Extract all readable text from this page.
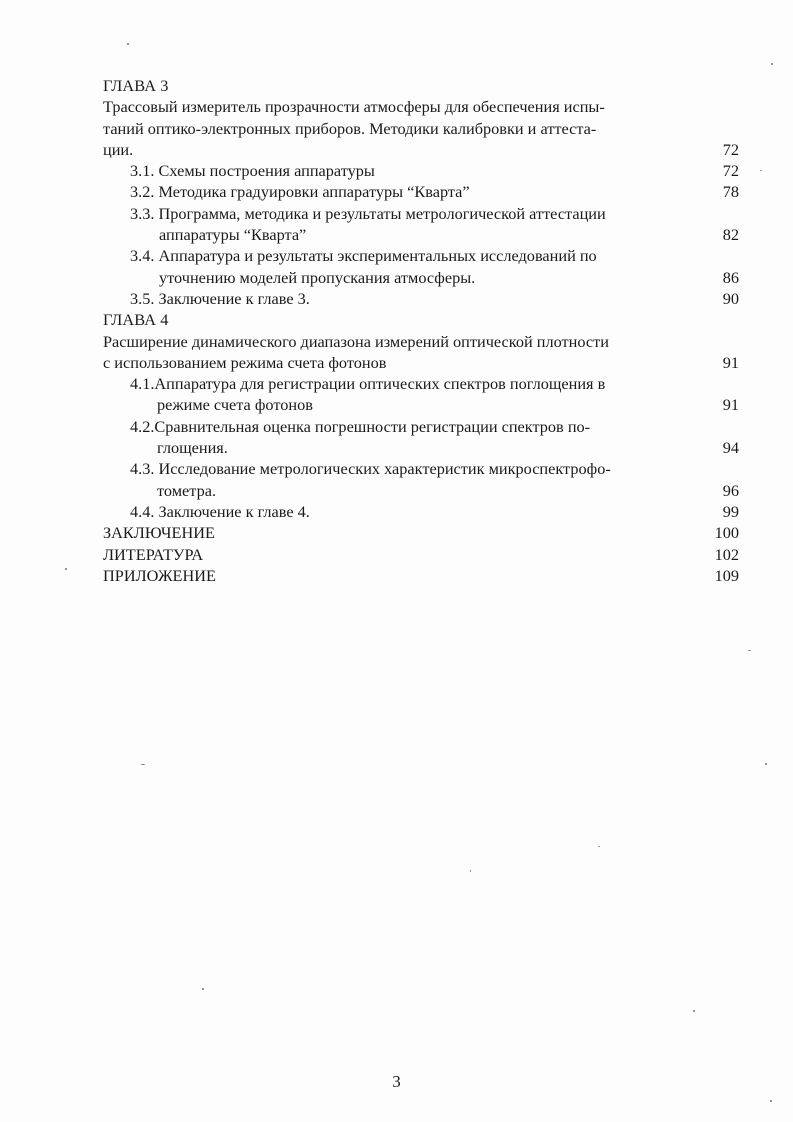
ГЛАВА 3
Трассовый измеритель прозрачности атмосферы для обеспечения испы-
таний оптико-электронных приборов. Методики калибровки и аттеста-
ции.	72
3.1. Схемы построения аппаратуры	72
3.2. Методика градуировки аппаратуры “Кварта”	78
3.3. Программа, методика и результаты метрологической аттестации
аппаратуры “Кварта”	82
3.4. Аппаратура и результаты экспериментальных исследований по
уточнению моделей пропускания атмосферы.	86
3.5. Заключение к главе 3.	90
ГЛАВА 4
Расширение динамического диапазона измерений оптической плотности
с использованием режима счета фотонов	91
4.1.Аппаратура для регистрации оптических спектров поглощения в
режиме счета фотонов	91
4.2.Сравнительная оценка погрешности регистрации спектров по-
глощения.	94
4.3. Исследование метрологических характеристик микроспектрофо-
тометра.	96
4.4. Заключение к главе 4.	99
ЗАКЛЮЧЕНИЕ	100
ЛИТЕРАТУРА	102
ПРИЛОЖЕНИЕ	109
3
